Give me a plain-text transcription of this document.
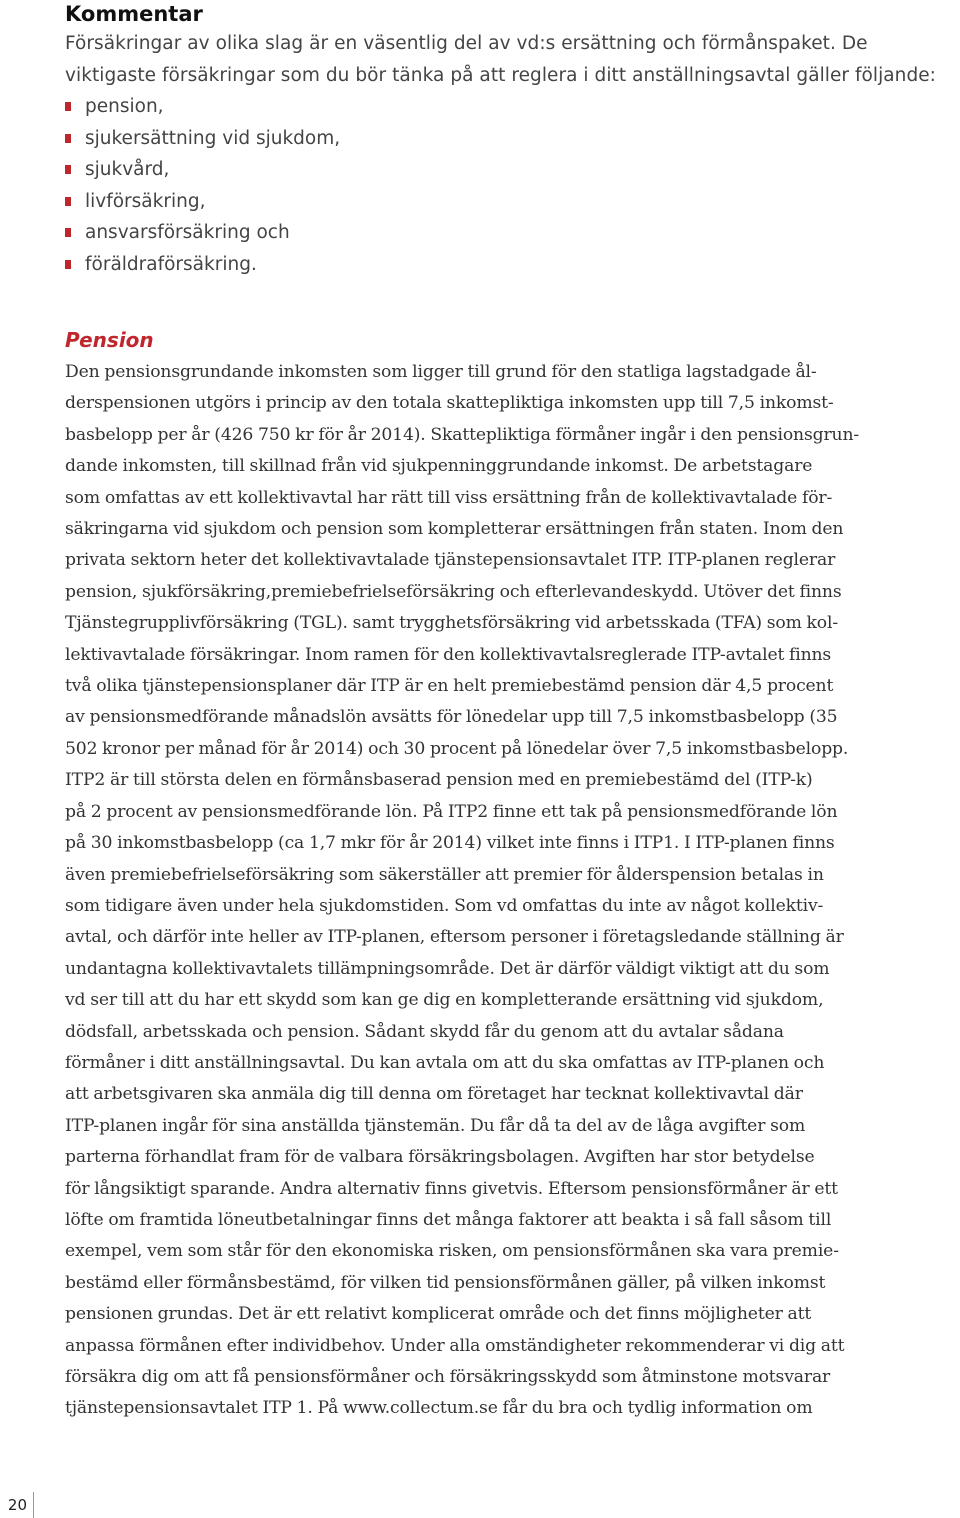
Kommentar

Försäkringar av olika slag är en väsentlig del av vd:s ersättning och förmånspaket. De viktigaste försäkringar som du bör tänka på att reglera i ditt anställningsavtal gäller följande:

pension,
sjukersättning vid sjukdom,
sjukvård,
livförsäkring,
ansvarsförsäkring och
föräldraförsäkring.
Pension

Den pensionsgrundande inkomsten som ligger till grund för den statliga lagstadgade ål-
derspensionen utgörs i princip av den totala skattepliktiga inkomsten upp till 7,5 inkomst-
basbelopp per år (426 750 kr för år 2014). Skattepliktiga förmåner ingår i den pensionsgrun-
dande inkomsten, till skillnad från vid sjukpenninggrundande inkomst. De arbetstagare
som omfattas av ett kollektivavtal har rätt till viss ersättning från de kollektivavtalade för-
säkringarna vid sjukdom och pension som kompletterar ersättningen från staten. Inom den
privata sektorn heter det kollektivavtalade tjänstepensionsavtalet ITP. ITP-planen reglerar
pension, sjukförsäkring,premiebefrielseförsäkring och efterlevandeskydd. Utöver det finns
Tjänstegrupplivförsäkring (TGL). samt trygghetsförsäkring vid arbetsskada (TFA) som kol-
lektivavtalade försäkringar. Inom ramen för den kollektivavtalsreglerade ITP-avtalet finns
två olika tjänstepensionsplaner där ITP är en helt premiebestämd pension där 4,5 procent
av pensionsmedförande månadslön avsätts för lönedelar upp till 7,5 inkomstbasbelopp (35
502 kronor per månad för år 2014) och 30 procent på lönedelar över 7,5 inkomstbasbelopp.
ITP2 är till största delen en förmånsbaserad pension med en premiebestämd del (ITP-k)
på 2 procent av pensionsmedförande lön. På ITP2 finne ett tak på pensionsmedförande lön
på 30 inkomstbasbelopp (ca 1,7 mkr för år 2014) vilket inte finns i ITP1. I ITP-planen finns
även premiebefrielseförsäkring som säkerställer att premier för ålderspension betalas in
som tidigare även under hela sjukdomstiden. Som vd omfattas du inte av något kollektiv-
avtal, och därför inte heller av ITP-planen, eftersom personer i företagsledande ställning är
undantagna kollektivavtalets tillämpningsområde. Det är därför väldigt viktigt att du som
vd ser till att du har ett skydd som kan ge dig en kompletterande ersättning vid sjukdom,
dödsfall, arbetsskada och pension. Sådant skydd får du genom att du avtalar sådana
förmåner i ditt anställningsavtal. Du kan avtala om att du ska omfattas av ITP-planen och
att arbetsgivaren ska anmäla dig till denna om företaget har tecknat kollektivavtal där
ITP-planen ingår för sina anställda tjänstemän. Du får då ta del av de låga avgifter som
parterna förhandlat fram för de valbara försäkringsbolagen. Avgiften har stor betydelse
för långsiktigt sparande. Andra alternativ finns givetvis. Eftersom pensionsförmåner är ett
löfte om framtida löneutbetalningar finns det många faktorer att beakta i så fall såsom till
exempel, vem som står för den ekonomiska risken, om pensionsförmånen ska vara premie-
bestämd eller förmånsbestämd, för vilken tid pensionsförmånen gäller, på vilken inkomst
pensionen grundas. Det är ett relativt komplicerat område och det finns möjligheter att
anpassa förmånen efter individbehov. Under alla omständigheter rekommenderar vi dig att
försäkra dig om att få pensionsförmåner och försäkringsskydd som åtminstone motsvarar
tjänstepensionsavtalet ITP 1. På www.collectum.se får du bra och tydlig information om

20
